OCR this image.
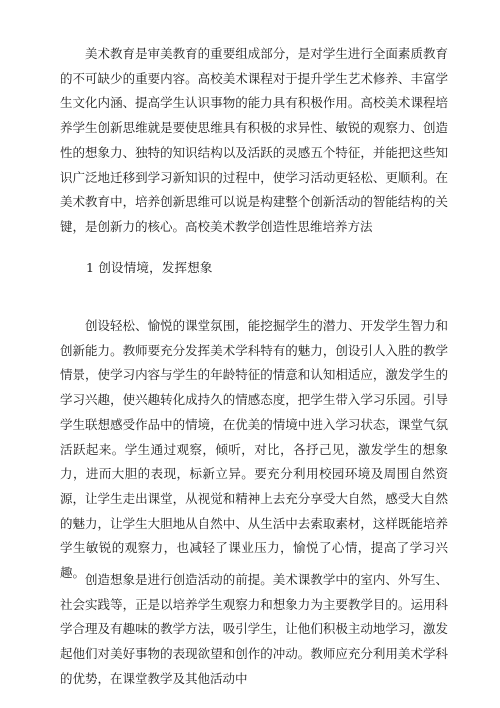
美术教育是审美教育的重要组成部分，是对学生进行全面素质教育的不可缺少的重要内容。高校美术课程对于提升学生艺术修养、丰富学生文化内涵、提高学生认识事物的能力具有积极作用。高校美术课程培养学生创新思维就是要使思维具有积极的求异性、敏锐的观察力、创造性的想象力、独特的知识结构以及活跃的灵感五个特征，并能把这些知识广泛地迁移到学习新知识的过程中，使学习活动更轻松、更顺利。在美术教育中，培养创新思维可以说是构建整个创新活动的智能结构的关键，是创新力的核心。高校美术教学创造性思维培养方法

1 创设情境，发挥想象

创设轻松、愉悦的课堂氛围，能挖掘学生的潜力、开发学生智力和创新能力。教师要充分发挥美术学科特有的魅力，创设引人入胜的教学情景，使学习内容与学生的年龄特征的情意和认知相适应，激发学生的学习兴趣，使兴趣转化成持久的情感态度，把学生带入学习乐园。引导学生联想感受作品中的情境，在优美的情境中进入学习状态，课堂气氛活跃起来。学生通过观察，倾听，对比，各抒己见，激发学生的想象力，进而大胆的表现，标新立异。要充分利用校园环境及周围自然资源，让学生走出课堂，从视觉和精神上去充分享受大自然，感受大自然的魅力，让学生大胆地从自然中、从生活中去索取素材，这样既能培养学生敏锐的观察力，也减轻了课业压力，愉悦了心情，提高了学习兴趣。 创造想象是进行创造活动的前提。美术课教学中的室内、外写生、社会实践等，正是以培养学生观察力和想象力为主要教学目的。运用科学合理及有趣味的教学方法，吸引学生，让他们积极主动地学习，激发起他们对美好事物的表现欲望和创作的冲动。教师应充分利用美术学科的优势，在课堂教学及其他活动中
